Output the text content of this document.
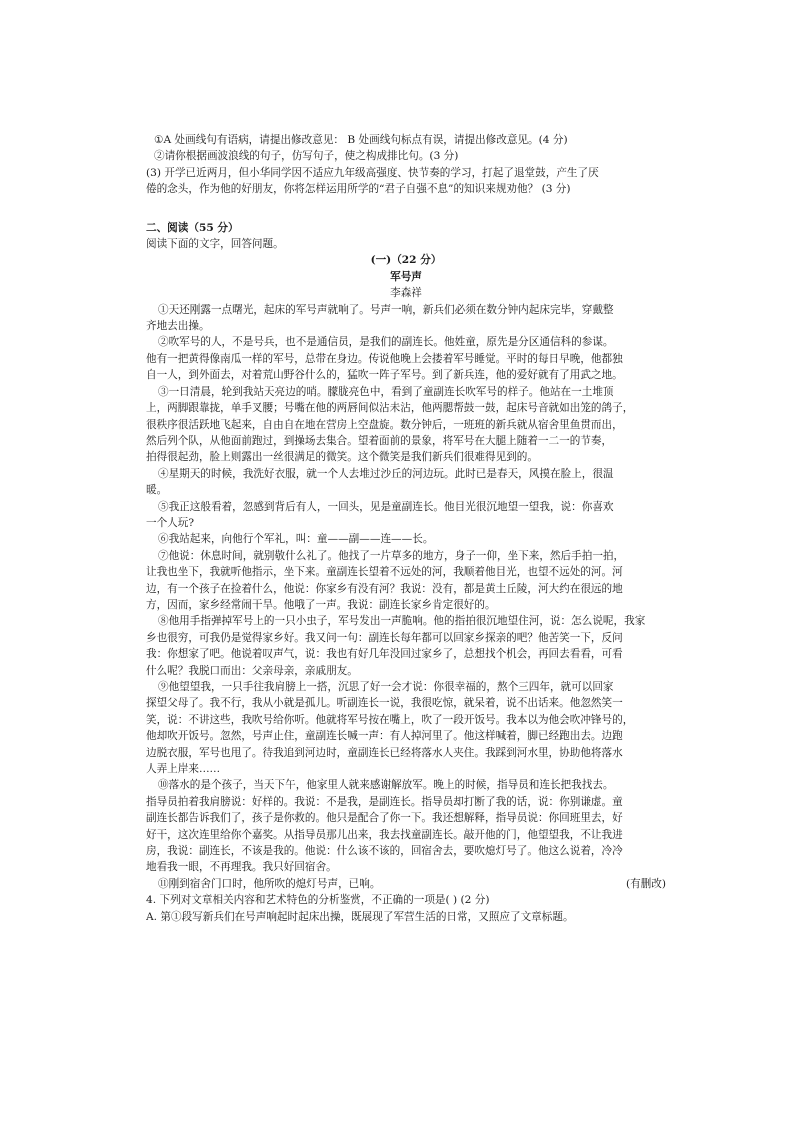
①A 处画线句有语病，请提出修改意见： B 处画线句标点有误，请提出修改意见。(4 分)

②请你根据画波浪线的句子，仿写句子，使之构成排比句。(3 分)

(3) 开学已近两月，但小华同学因不适应九年级高强度、快节奏的学习，打起了退堂鼓，产生了厌

倦的念头，作为他的好朋友，你将怎样运用所学的“君子自强不息”的知识来规劝他？ (3 分)

二、阅读（55 分）

阅读下面的文字，回答问题。

(一)（22 分）

军号声

李森祥

①天还刚露一点曙光，起床的军号声就响了。号声一响，新兵们必须在数分钟内起床完毕，穿戴整

齐地去出操。

②吹军号的人，不是号兵，也不是通信员，是我们的副连长。他姓童，原先是分区通信科的参谋。

他有一把黄得像南瓜一样的军号，总带在身边。传说他晚上会搂着军号睡觉。平时的每日早晚，他都独

自一人，到外面去，对着荒山野谷什么的，猛吹一阵子军号。到了新兵连，他的爱好就有了用武之地。

③一日清晨，轮到我站天亮边的哨。朦胧亮色中，看到了童副连长吹军号的样子。他站在一土堆顶

上，两脚跟靠拢，单手叉腰；号嘴在他的两唇间似沾未沾，他两腮帮鼓一鼓，起床号音就如出笼的鸽子，

很秩序很活跃地飞起来，自由自在地在营房上空盘旋。数分钟后，一班班的新兵就从宿舍里鱼贯而出，

然后列个队，从他面前跑过，到操场去集合。望着面前的景象，将军号在大腿上随着一二一的节奏，

拍得很起劲，脸上则露出一丝很满足的微笑。这个微笑是我们新兵们很难得见到的。

④星期天的时候，我洗好衣服，就一个人去堆过沙丘的河边玩。此时已是春天，风摸在脸上，很温

暖。

⑤我正这般看着，忽感到背后有人，一回头，见是童副连长。他目光很沉地望一望我，说：你喜欢

一个人玩?

⑥我站起来，向他行个军礼，叫：童——副——连——长。

⑦他说：休息时间，就别敬什么礼了。他找了一片草多的地方，身子一仰，坐下来，然后手拍一拍，

让我也坐下，我就听他指示，坐下来。童副连长望着不远处的河，我顺着他目光，也望不远处的河。河

边，有一个孩子在捡着什么，他说：你家乡有没有河？我说：没有，都是黄土丘陵，河大约在很远的地

方，因而，家乡经常闹干旱。他哦了一声。我说：副连长家乡肯定很好的。

⑧他用手指弹掉军号上的一只小虫子，军号发出一声脆响。他的指拍很沉地望住河，说：怎么说呢，我家

乡也很穷，可我仍是觉得家乡好。我又问一句：副连长每年都可以回家乡探亲的吧？他苦笑一下，反问

我：你想家了吧。他说着叹声气，说：我也有好几年没回过家乡了，总想找个机会，再回去看看，可看

什么呢？我脱口而出：父亲母亲，亲戚朋友。

⑨他望望我，一只手往我肩膀上一搭，沉思了好一会才说：你很幸福的，熬个三四年，就可以回家

探望父母了。我不行，我从小就是孤儿。听副连长一说，我很吃惊，就呆着，说不出话来。他忽然笑一

笑，说：不讲这些，我吹号给你听。他就将军号按在嘴上，吹了一段开饭号。我本以为他会吹冲锋号的，

他却吹开饭号。忽然，号声止住，童副连长喊一声：有人掉河里了。他这样喊着，脚已经跑出去。边跑

边脱衣服，军号也甩了。待我追到河边时，童副连长已经将落水人夹住。我踩到河水里，协助他将落水

人弄上岸来……

⑩落水的是个孩子，当天下午，他家里人就来感谢解放军。晚上的时候，指导员和连长把我找去。

指导员拍着我肩膀说：好样的。我说：不是我，是副连长。指导员却打断了我的话，说：你别谦虚。童

副连长都告诉我们了，孩子是你救的。他只是配合了你一下。我还想解释，指导员说：你回班里去，好

好干，这次连里给你个嘉奖。从指导员那儿出来，我去找童副连长。敲开他的门，他望望我，不让我进

房，我说：副连长，不该是我的。他说：什么该不该的，回宿舍去，要吹熄灯号了。他这么说着，冷冷

地看我一眼，不再理我。我只好回宿舍。

⑪刚到宿舍门口时，他所吹的熄灯号声，已响。	(有删改)

4. 下列对文章相关内容和艺术特色的分析鉴赏，不正确的一项是( ) (2 分)

A. 第①段写新兵们在号声响起时起床出操，既展现了军营生活的日常，又照应了文章标题。
